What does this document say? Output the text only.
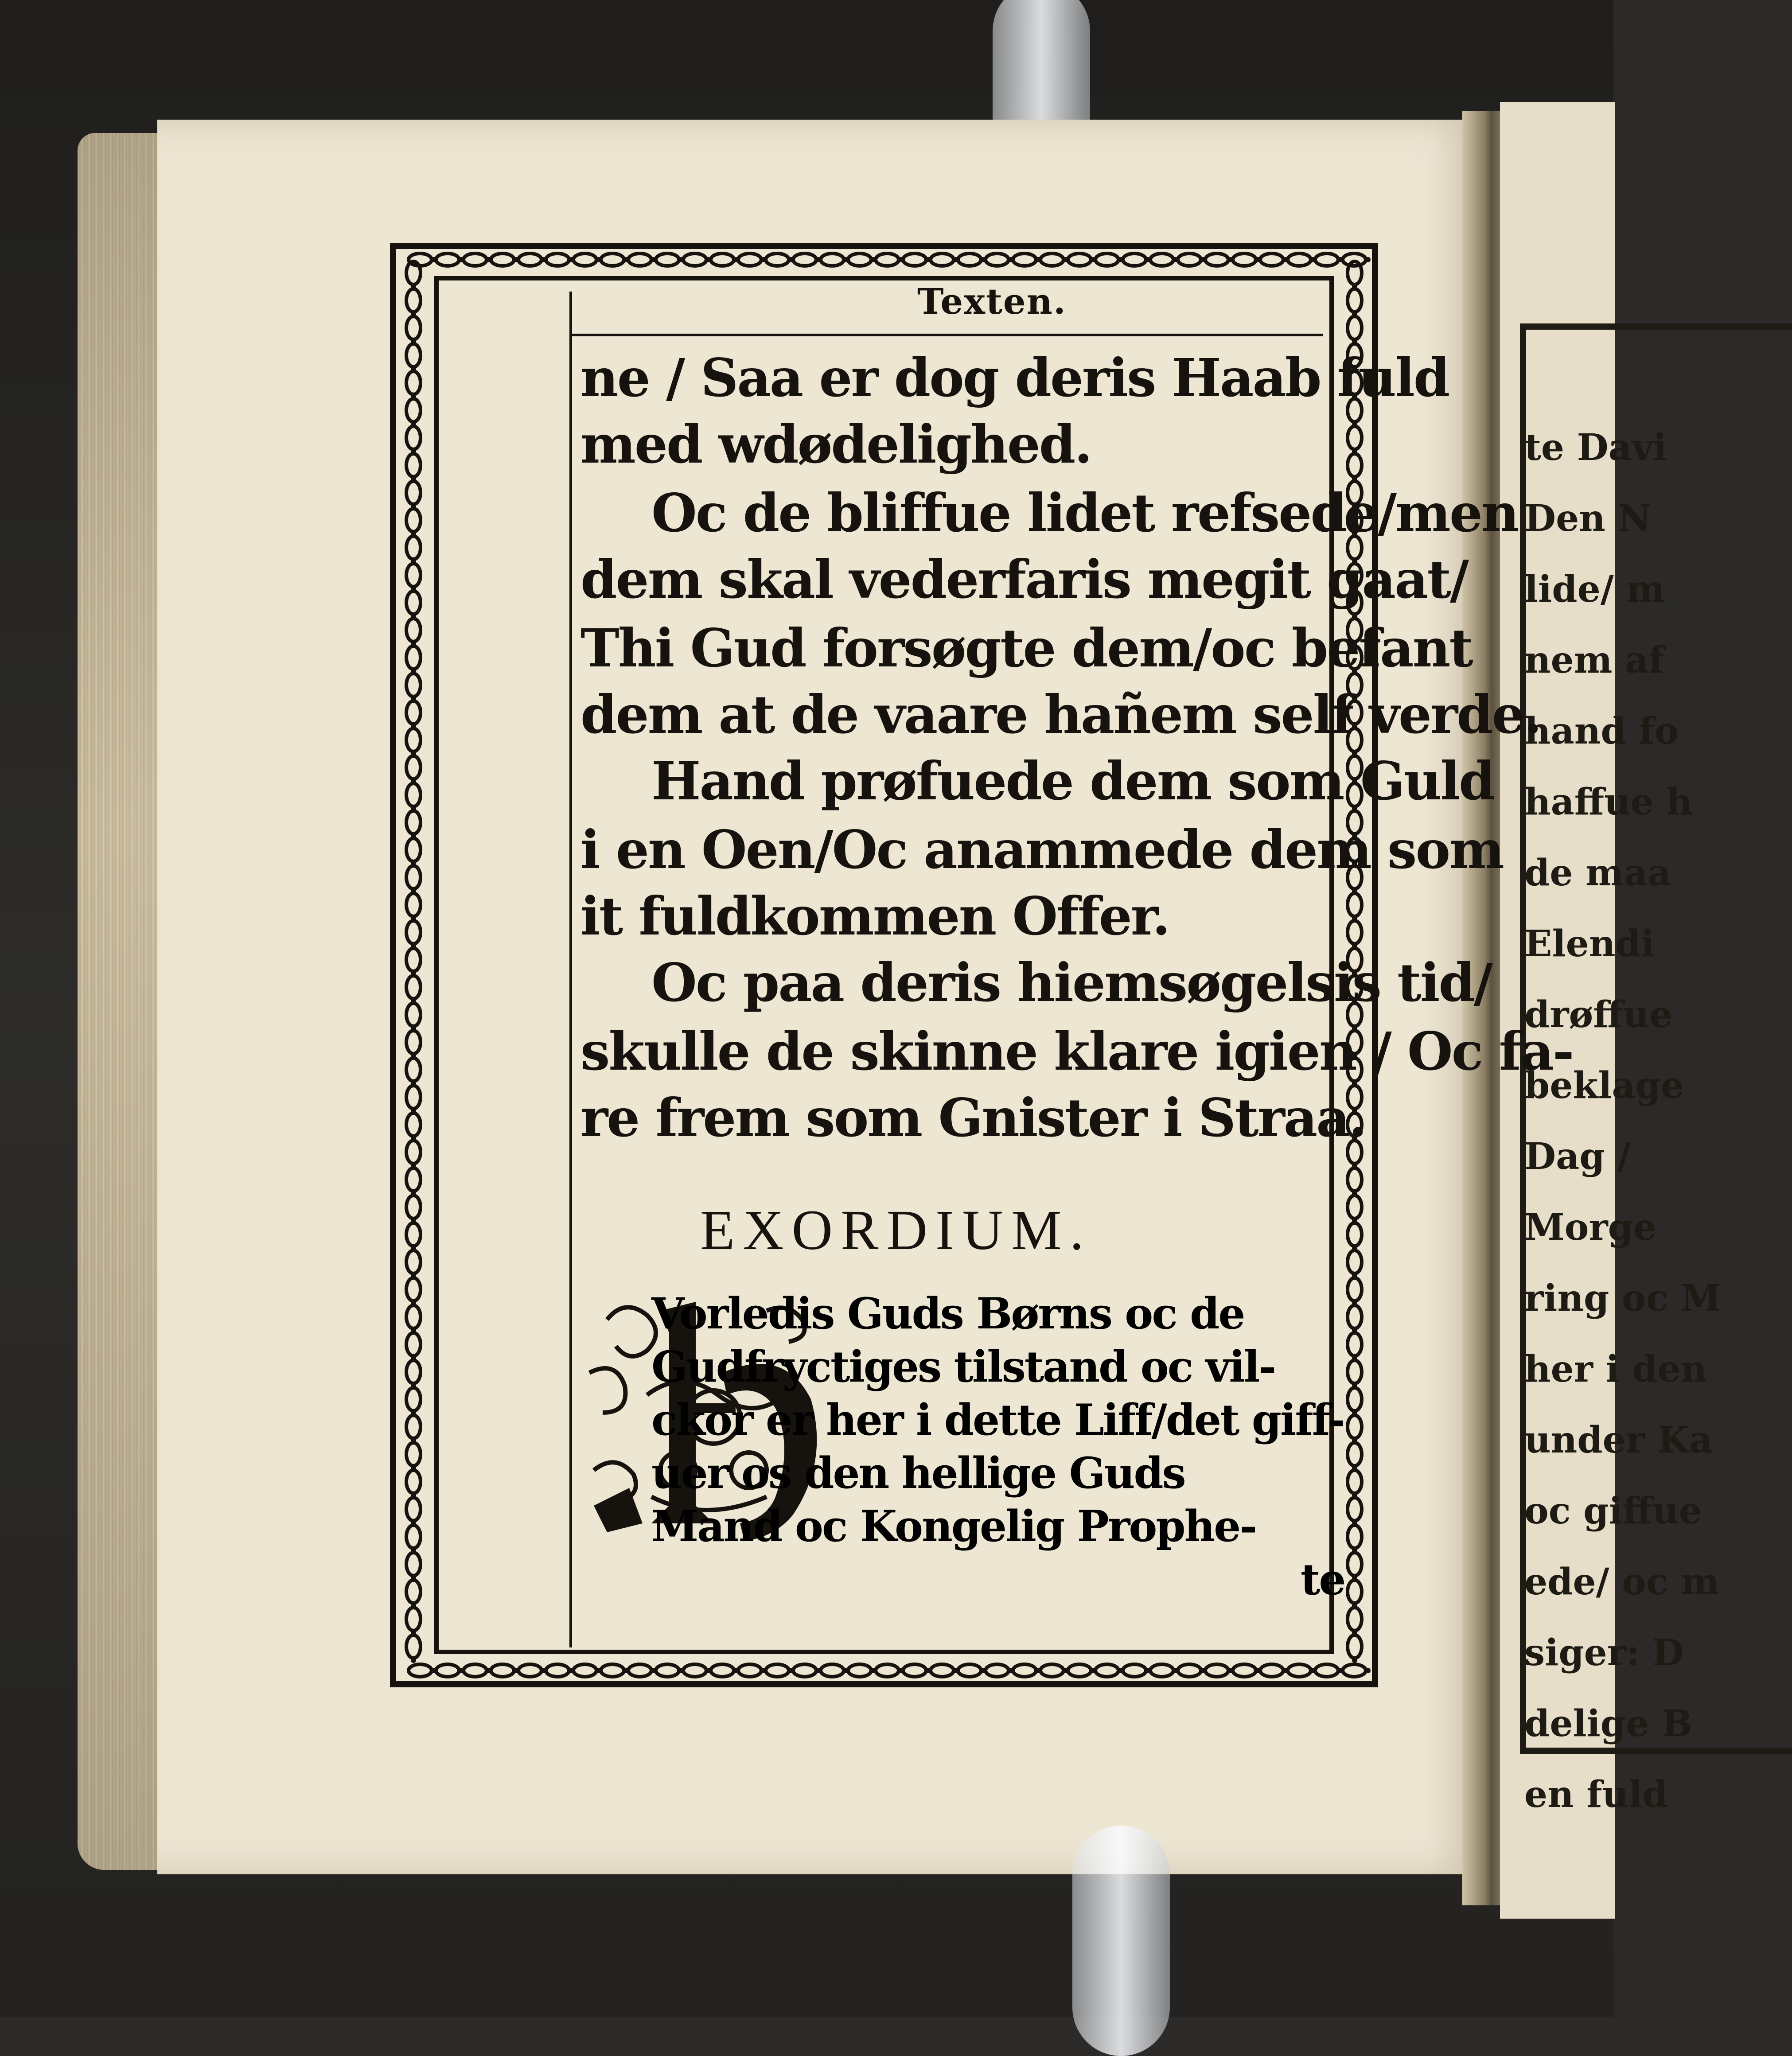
te Davi
Den N
lide/ m
nem af
hand fo
haffue h
de maa
Elendi
drøffue
beklage
Dag /
Morge
ring oc M
her i den
under Ka
oc giffue
ede/ oc m
siger: D
delige B
en fuld
Texten.
ne / Saa er dog deris Haab fuld
med wdødelighed.
Oc de bliffue lidet refsede/men
dem skal vederfaris megit gaat/
Thi Gud forsøgte dem/oc befant
dem at de vaare hañem self verde.
Hand prøfuede dem som Guld
i en Oen/Oc anammede dem som
it fuldkommen Offer.
Oc paa deris hiemsøgelsis tid/
skulle de skinne klare igien / Oc fa-
re frem som Gnister i Straa.
EXORDIUM.
Vorledis Guds Børns oc de
Gudfryctiges tilstand oc vil-
ckor er her i dette Liff/det giff-
uer os den hellige Guds
Mand oc Kongelig Prophe-
te
